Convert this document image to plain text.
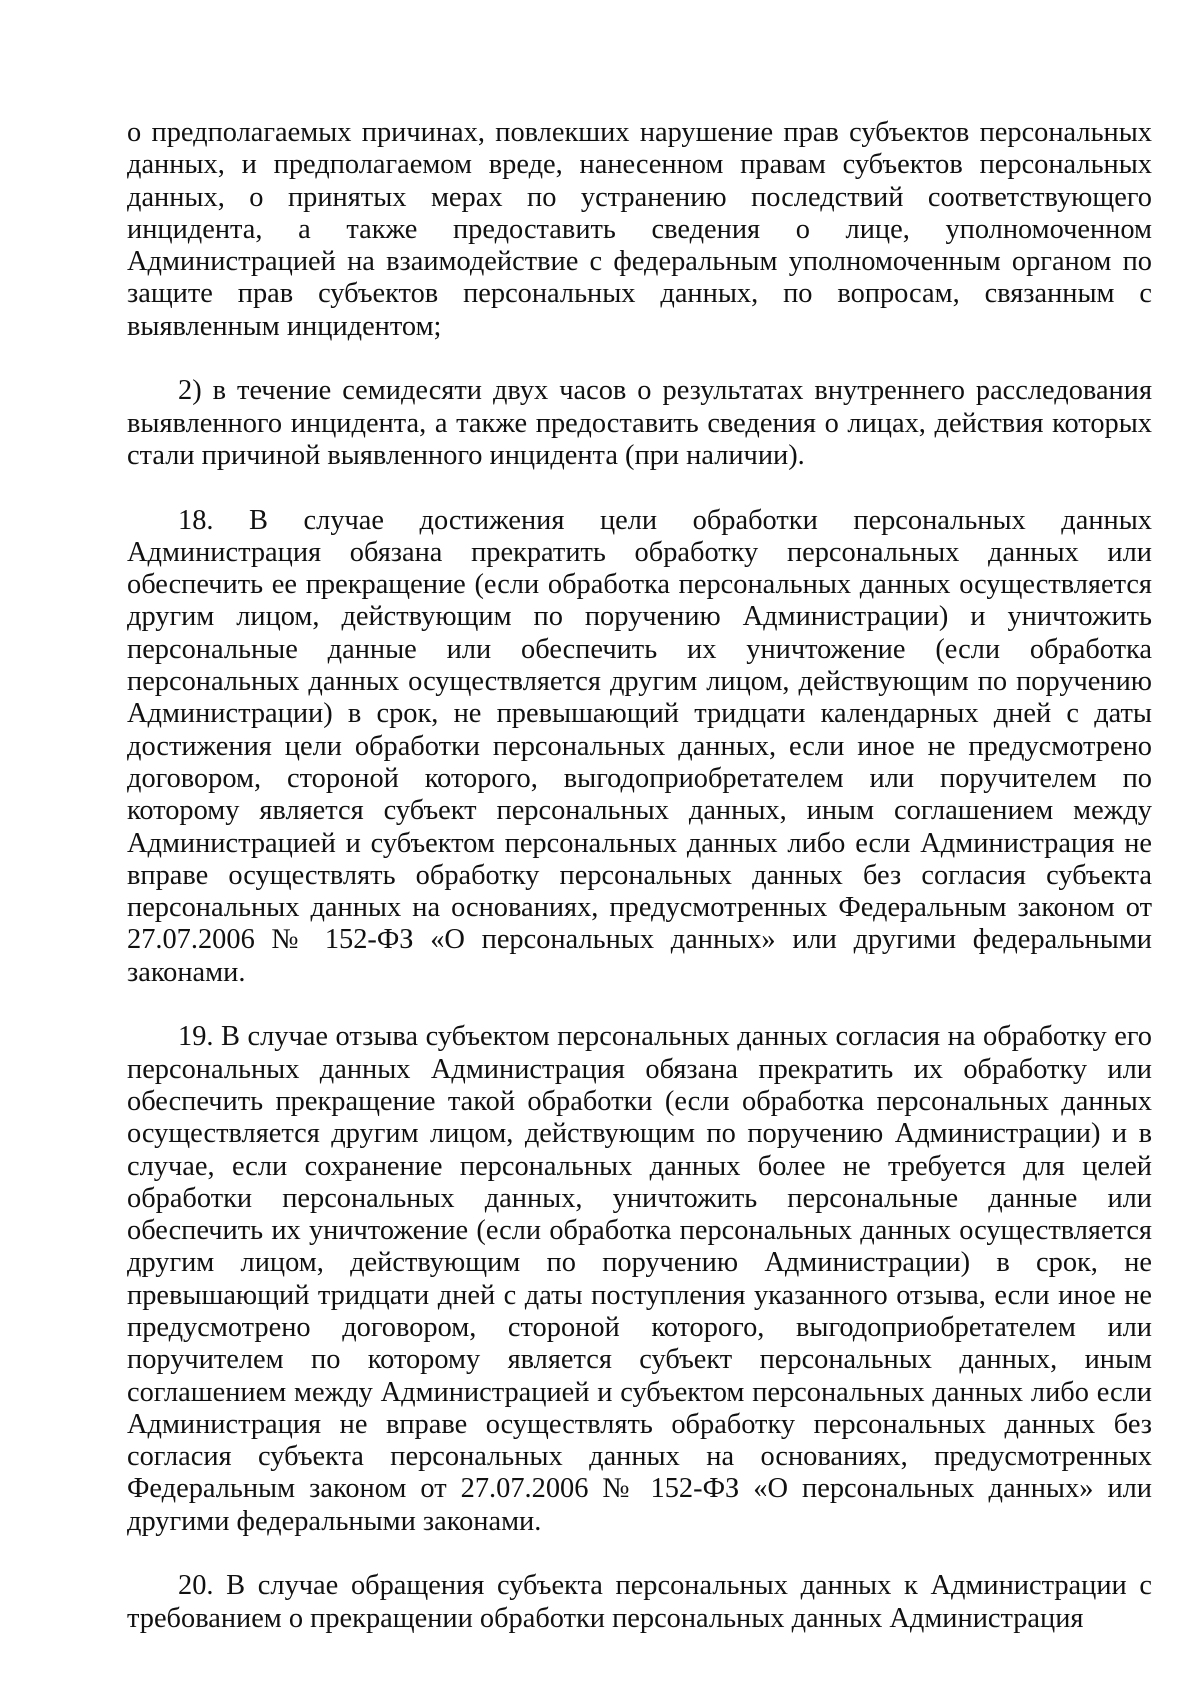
о предполагаемых причинах, повлекших нарушение прав субъектов персональных данных, и предполагаемом вреде, нанесенном правам субъектов персональных данных, о принятых мерах по устранению последствий соответствующего инцидента, а также предоставить сведения о лице, уполномоченном Администрацией на взаимодействие с федеральным уполномоченным органом по защите прав субъектов персональных данных, по вопросам, связанным с выявленным инцидентом;

2) в течение семидесяти двух часов о результатах внутреннего расследования выявленного инцидента, а также предоставить сведения о лицах, действия которых стали причиной выявленного инцидента (при наличии).

18. В случае достижения цели обработки персональных данных Администрация обязана прекратить обработку персональных данных или обеспечить ее прекращение (если обработка персональных данных осуществляется другим лицом, действующим по поручению Администрации) и уничтожить персональные данные или обеспечить их уничтожение (если обработка персональных данных осуществляется другим лицом, действующим по поручению Администрации) в срок, не превышающий тридцати календарных дней с даты достижения цели обработки персональных данных, если иное не предусмотрено договором, стороной которого, выгодоприобретателем или поручителем по которому является субъект персональных данных, иным соглашением между Администрацией и субъектом персональных данных либо если Администрация не вправе осуществлять обработку персональных данных без согласия субъекта персональных данных на основаниях, предусмотренных Федеральным законом от 27.07.2006 № 152-ФЗ «О персональных данных» или другими федеральными законами.

19. В случае отзыва субъектом персональных данных согласия на обработку его персональных данных Администрация обязана прекратить их обработку или обеспечить прекращение такой обработки (если обработка персональных данных осуществляется другим лицом, действующим по поручению Администрации) и в случае, если сохранение персональных данных более не требуется для целей обработки персональных данных, уничтожить персональные данные или обеспечить их уничтожение (если обработка персональных данных осуществляется другим лицом, действующим по поручению Администрации) в срок, не превышающий тридцати дней с даты поступления указанного отзыва, если иное не предусмотрено договором, стороной которого, выгодоприобретателем или поручителем по которому является субъект персональных данных, иным соглашением между Администрацией и субъектом персональных данных либо если Администрация не вправе осуществлять обработку персональных данных без согласия субъекта персональных данных на основаниях, предусмотренных Федеральным законом от 27.07.2006 № 152-ФЗ «О персональных данных» или другими федеральными законами.

20. В случае обращения субъекта персональных данных к Администрации с требованием о прекращении обработки персональных данных Администрация
